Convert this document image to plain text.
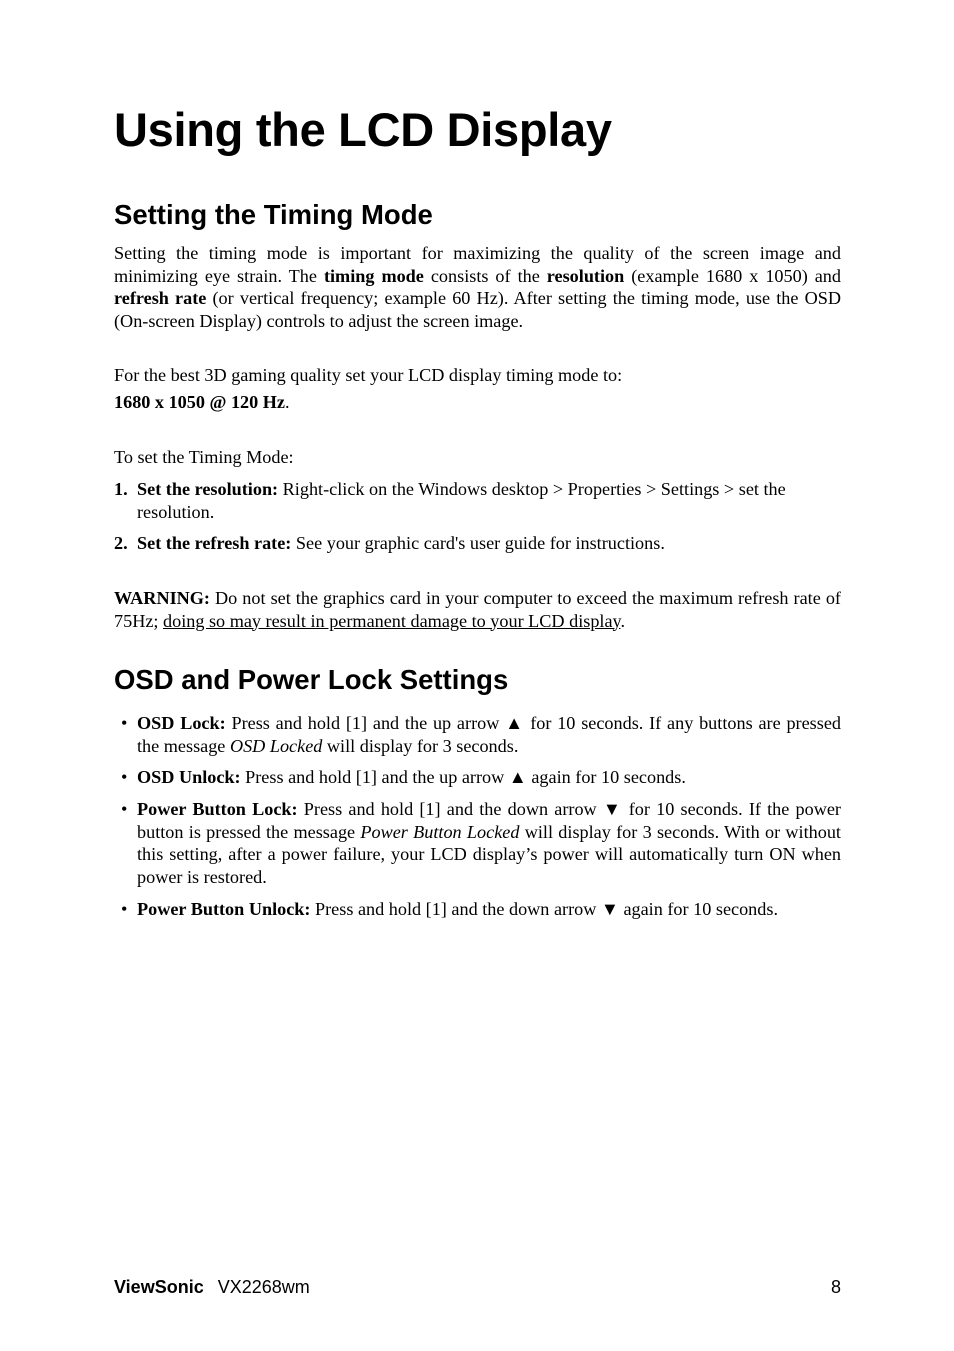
Using the LCD Display
Setting the Timing Mode

Setting the timing mode is important for maximizing the quality of the screen image and minimizing eye strain. The timing mode consists of the resolution (example 1680 x 1050) and refresh rate (or vertical frequency; example 60 Hz). After setting the timing mode, use the OSD (On-screen Display) controls to adjust the screen image.

For the best 3D gaming quality set your LCD display timing mode to:

1680 x 1050 @ 120 Hz.

To set the Timing Mode:

1. Set the resolution: Right-click on the Windows desktop > Properties > Settings > set the resolution.
2. Set the refresh rate: See your graphic card's user guide for instructions.

WARNING: Do not set the graphics card in your computer to exceed the maximum refresh rate of 75Hz; doing so may result in permanent damage to your LCD display.

OSD and Power Lock Settings
• OSD Lock: Press and hold [1] and the up arrow ▲ for 10 seconds. If any buttons are pressed the message OSD Locked will display for 3 seconds.
• OSD Unlock: Press and hold [1] and the up arrow ▲ again for 10 seconds.
• Power Button Lock: Press and hold [1] and the down arrow ▼ for 10 seconds. If the power button is pressed the message Power Button Locked will display for 3 seconds. With or without this setting, after a power failure, your LCD display’s power will automatically turn ON when power is restored.
• Power Button Unlock: Press and hold [1] and the down arrow ▼ again for 10 seconds.
ViewSonic VX2268wm	8
